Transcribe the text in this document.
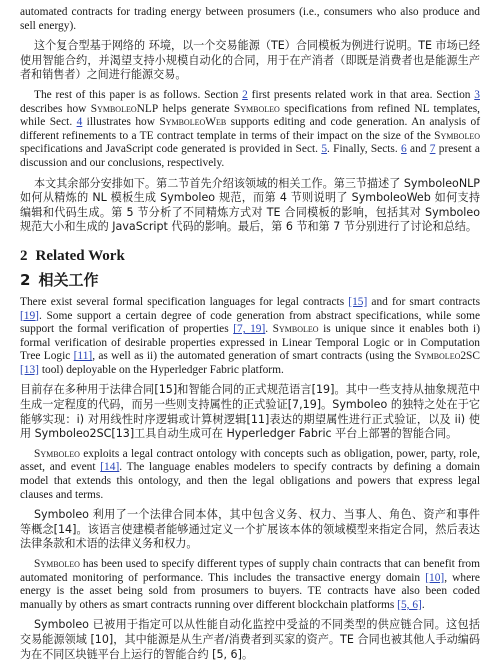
automated contracts for trading energy between prosumers (i.e., consumers who also produce and sell energy).

这个复合型基于网络的 环境，以一个交易能源（TE）合同模板为例进行说明。TE 市场已经使用智能合约，并渴望支持小规模自动化的合同，用于在产消者（即既是消费者也是能源生产者和销售者）之间进行能源交易。

The rest of this paper is as follows. Section 2 first presents related work in that area. Section 3 describes how SymboleoNLP helps generate Symboleo specifications from refined NL templates, while Sect. 4 illustrates how SymboleoWeb supports editing and code generation. An analysis of different refinements to a TE contract template in terms of their impact on the size of the Symboleo specifications and JavaScript code generated is provided in Sect. 5. Finally, Sects. 6 and 7 present a discussion and our conclusions, respectively.

本文其余部分安排如下。第二节首先介绍该领域的相关工作。第三节描述了 SymboleoNLP 如何从精炼的 NL 模板生成 Symboleo 规范，而第 4 节则说明了 SymboleoWeb 如何支持编辑和代码生成。第 5 节分析了不同精炼方式对 TE 合同模板的影响，包括其对 Symboleo 规范大小和生成的 JavaScript 代码的影响。最后，第 6 节和第 7 节分别进行了讨论和总结。

2 Related Work
2 相关工作

There exist several formal specification languages for legal contracts [15] and for smart contracts [19]. Some support a certain degree of code generation from abstract specifications, while some support the formal verification of properties [7, 19]. Symboleo is unique since it enables both i) formal verification of desirable properties expressed in Linear Temporal Logic or in Computation Tree Logic [11], as well as ii) the automated generation of smart contracts (using the Symboleo2SC [13] tool) deployable on the Hyperledger Fabric platform.

目前存在多种用于法律合同[15]和智能合同的正式规范语言[19]。其中一些支持从抽象规范中生成一定程度的代码，而另一些则支持属性的正式验证[7,19]。Symboleo 的独特之处在于它能够实现：i) 对用线性时序逻辑或计算树逻辑[11]表达的期望属性进行正式验证，以及 ii) 使用 Symboleo2SC[13]工具自动生成可在 Hyperledger Fabric 平台上部署的智能合同。

Symboleo exploits a legal contract ontology with concepts such as obligation, power, party, role, asset, and event [14]. The language enables modelers to specify contracts by defining a domain model that extends this ontology, and then the legal obligations and powers that express legal clauses and terms.

Symboleo 利用了一个法律合同本体，其中包含义务、权力、当事人、角色、资产和事件等概念[14]。该语言使建模者能够通过定义一个扩展该本体的领域模型来指定合同，然后表达法律条款和术语的法律义务和权力。

Symboleo has been used to specify different types of supply chain contracts that can benefit from automated monitoring of performance. This includes the transactive energy domain [10], where energy is the asset being sold from prosumers to buyers. TE contracts have also been coded manually by others as smart contracts running over different blockchain platforms [5, 6].

Symboleo 已被用于指定可以从性能自动化监控中受益的不同类型的供应链合同。这包括交易能源领域 [10]，其中能源是从生产者/消费者到买家的资产。TE 合同也被其他人手动编码为在不同区块链平台上运行的智能合约 [5, 6]。
